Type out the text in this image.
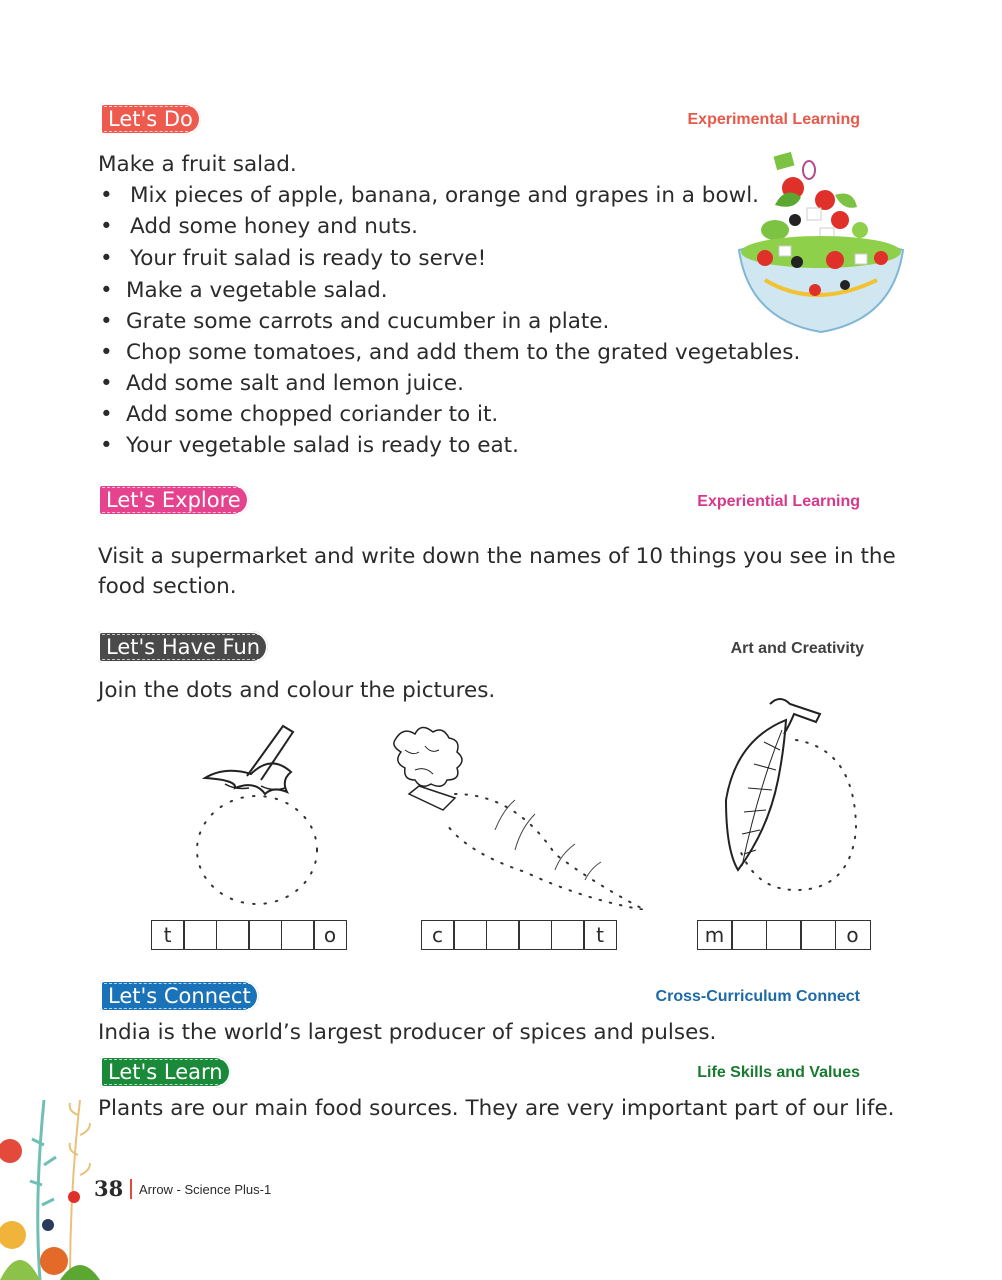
Let's Do	Experimental Learning
Make a fruit salad.
• Mix pieces of apple, banana, orange and grapes in a bowl.
• Add some honey and nuts.
• Your fruit salad is ready to serve!
• Make a vegetable salad.
• Grate some carrots and cucumber in a plate.
• Chop some tomatoes, and add them to the grated vegetables.
• Add some salt and lemon juice.
• Add some chopped coriander to it.
• Your vegetable salad is ready to eat.
Let's Explore	Experiential Learning
Visit a supermarket and write down the names of 10 things you see in the
food section.
Let's Have Fun	Art and Creativity
Join the dots and colour the pictures.
t	o	c	t	m	o
Let's Connect	Cross-Curriculum Connect
India is the world’s largest producer of spices and pulses.
Let's Learn	Life Skills and Values
Plants are our main food sources. They are very important part of our life.
38 Arrow - Science Plus-1
